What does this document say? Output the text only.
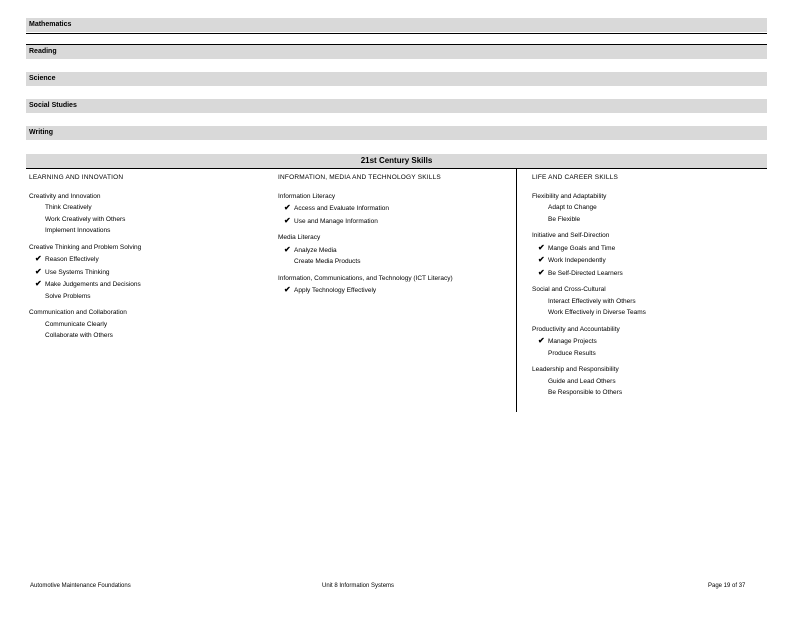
Mathematics
Reading
Science
Social Studies
Writing
21st Century Skills
LEARNING AND INNOVATION
Creativity and Innovation
Think Creatively
Work Creatively with Others
Implement Innovations
Creative Thinking and Problem Solving
✔ Reason Effectively
✔ Use Systems Thinking
✔ Make Judgements and Decisions
Solve Problems
Communication and Collaboration
Communicate Clearly
Collaborate with Others
INFORMATION, MEDIA AND TECHNOLOGY SKILLS
Information Literacy
✔ Access and Evaluate Information
✔ Use and Manage Information
Media Literacy
✔ Analyze Media
Create Media Products
Information, Communications, and Technology (ICT Literacy)
✔ Apply Technology Effectively
LIFE AND CAREER SKILLS
Flexibility and Adaptability
Adapt to Change
Be Flexible
Initiative and Self-Direction
✔ Mange Goals and Time
✔ Work Independently
✔ Be Self-Directed Learners
Social and Cross-Cultural
Interact Effectively with Others
Work Effectively in Diverse Teams
Productivity and Accountability
✔ Manage Projects
Produce Results
Leadership and Responsibility
Guide and Lead Others
Be Responsible to Others
Automotive Maintenance Foundations	Unit 8 Information Systems	Page 19 of 37
